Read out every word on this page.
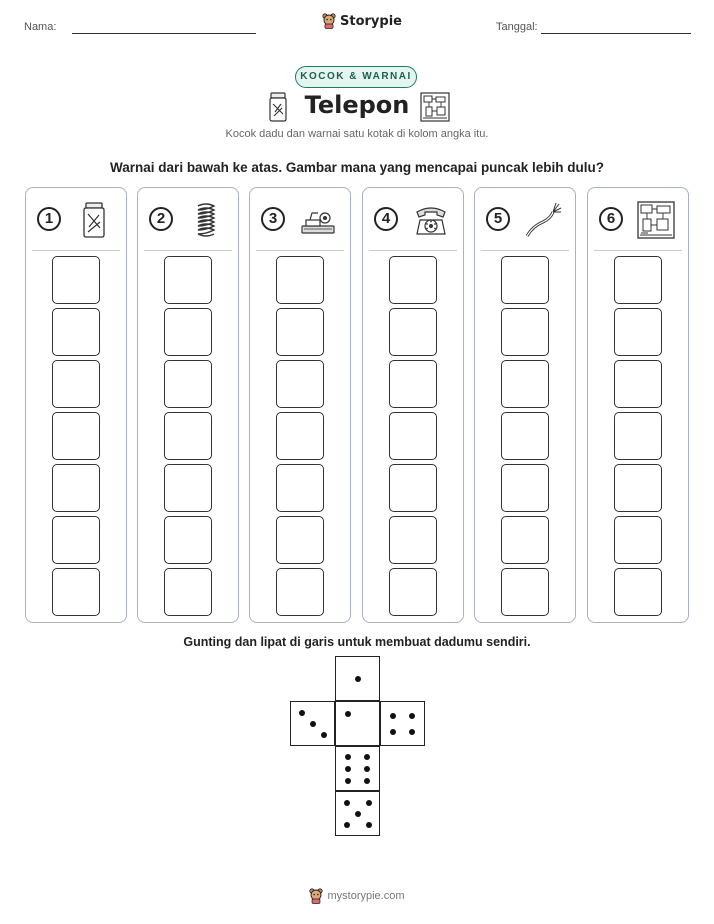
Nama:	Storypie	Tanggal:
KOCOK & WARNAI
Telepon
Kocok dadu dan warnai satu kotak di kolom angka itu.
Warnai dari bawah ke atas. Gambar mana yang mencapai puncak lebih dulu?
1	2	3	4	5	6
Gunting dan lipat di garis untuk membuat dadumu sendiri.
mystorypie.com
